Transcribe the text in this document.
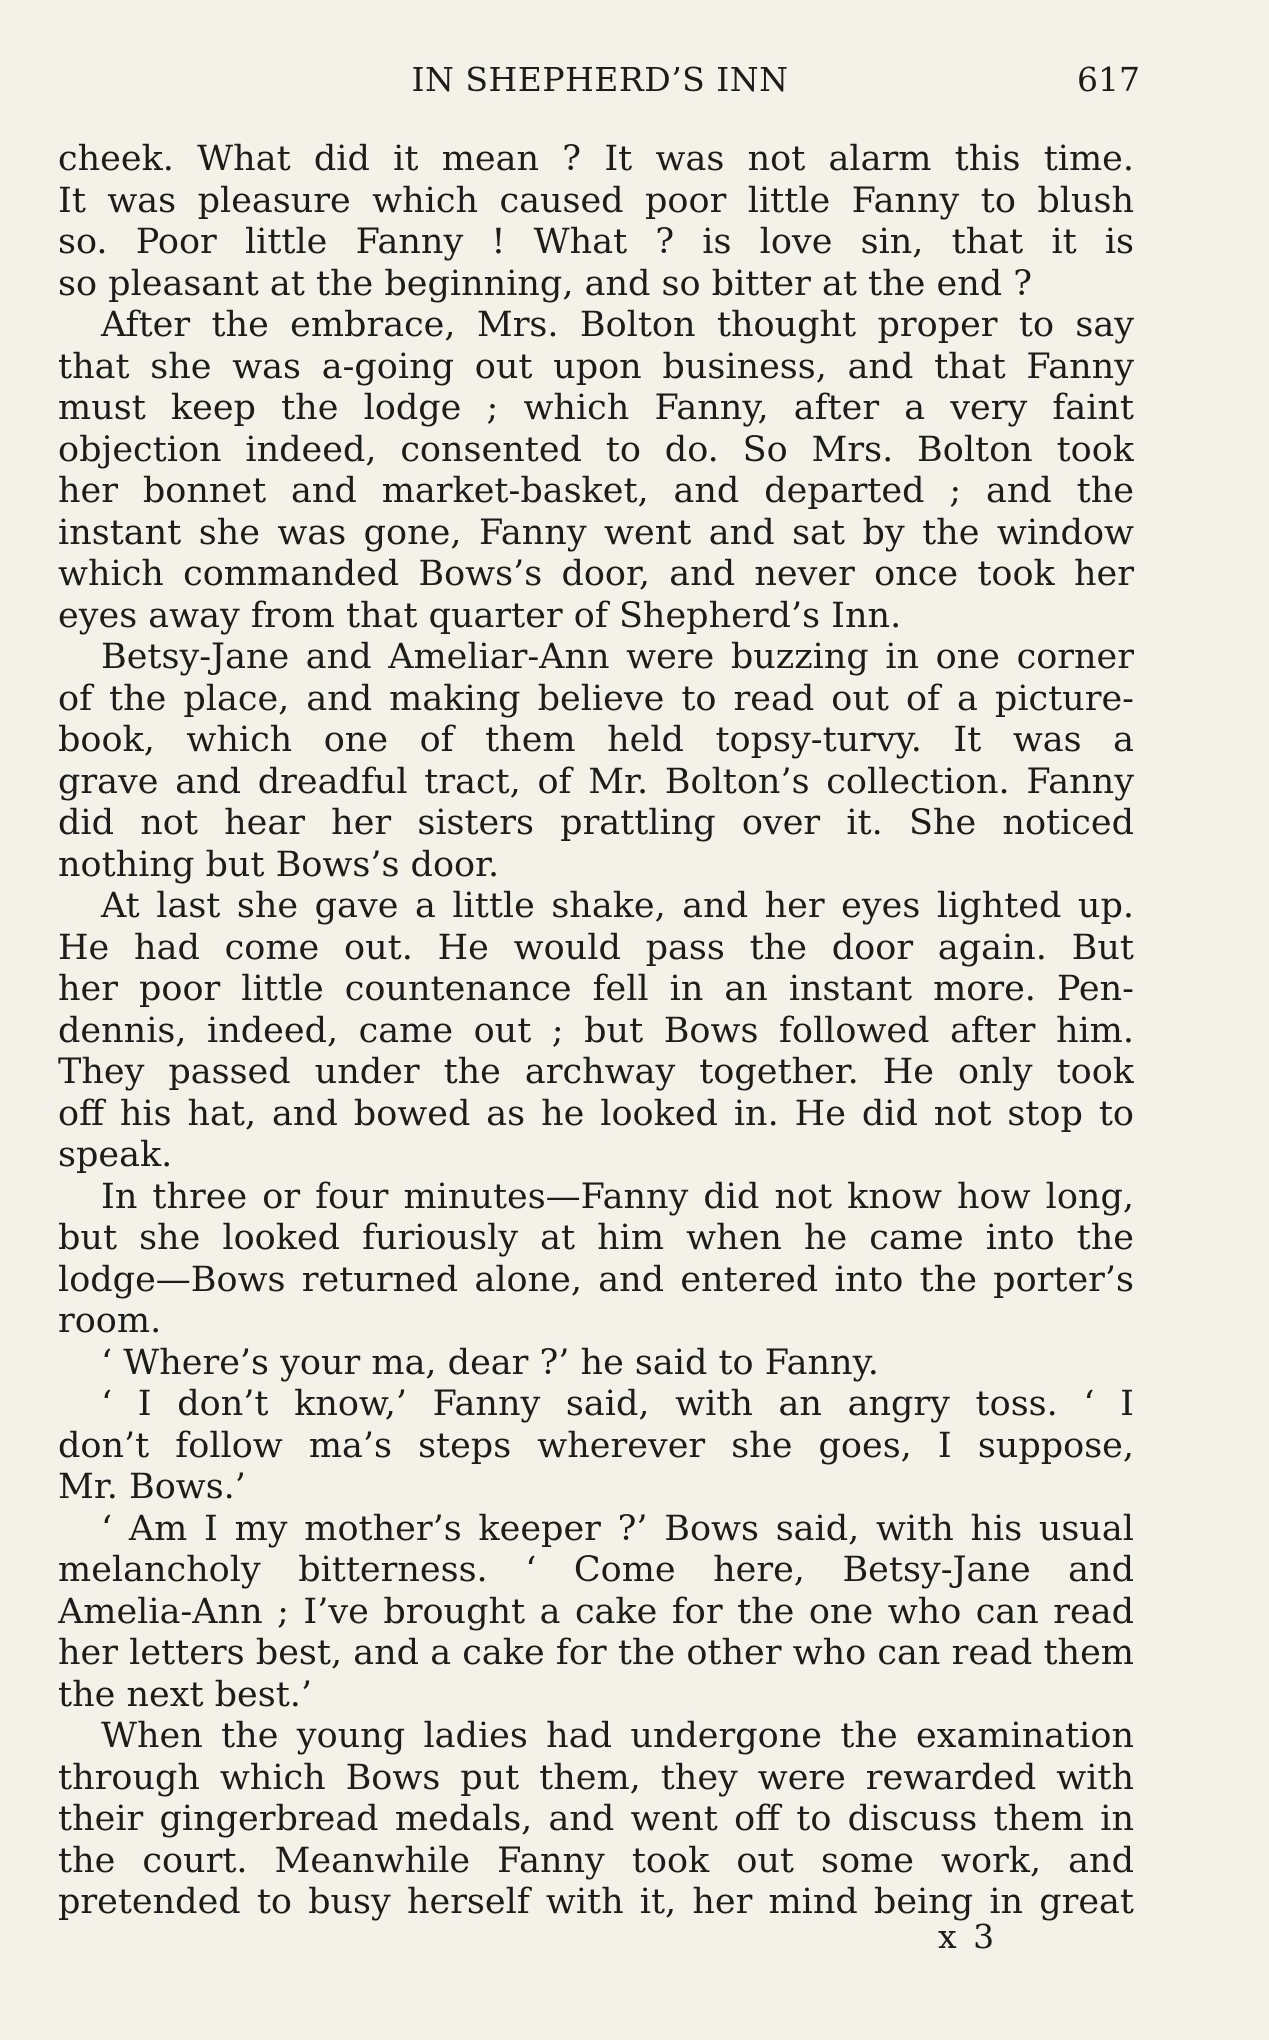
IN SHEPHERD’S INN	617
cheek. What did it mean ? It was not alarm this time.
It was pleasure which caused poor little Fanny to blush
so. Poor little Fanny ! What ? is love sin, that it is
so pleasant at the beginning, and so bitter at the end ?
After the embrace, Mrs. Bolton thought proper to say
that she was a-going out upon business, and that Fanny
must keep the lodge ; which Fanny, after a very faint
objection indeed, consented to do. So Mrs. Bolton took
her bonnet and market-basket, and departed ; and the
instant she was gone, Fanny went and sat by the window
which commanded Bows’s door, and never once took her
eyes away from that quarter of Shepherd’s Inn.
Betsy-Jane and Ameliar-Ann were buzzing in one corner
of the place, and making believe to read out of a picture-
book, which one of them held topsy-turvy. It was a
grave and dreadful tract, of Mr. Bolton’s collection. Fanny
did not hear her sisters prattling over it. She noticed
nothing but Bows’s door.
At last she gave a little shake, and her eyes lighted up.
He had come out. He would pass the door again. But
her poor little countenance fell in an instant more. Pen-
dennis, indeed, came out ; but Bows followed after him.
They passed under the archway together. He only took
off his hat, and bowed as he looked in. He did not stop to
speak.
In three or four minutes—Fanny did not know how long,
but she looked furiously at him when he came into the
lodge—Bows returned alone, and entered into the porter’s
room.
‘ Where’s your ma, dear ?’ he said to Fanny.
‘ I don’t know,’ Fanny said, with an angry toss. ‘ I
don’t follow ma’s steps wherever she goes, I suppose,
Mr. Bows.’
‘ Am I my mother’s keeper ?’ Bows said, with his usual
melancholy bitterness. ‘ Come here, Betsy-Jane and
Amelia-Ann ; I’ve brought a cake for the one who can read
her letters best, and a cake for the other who can read them
the next best.’
When the young ladies had undergone the examination
through which Bows put them, they were rewarded with
their gingerbread medals, and went off to discuss them in
the court. Meanwhile Fanny took out some work, and
pretended to busy herself with it, her mind being in great
x 3
